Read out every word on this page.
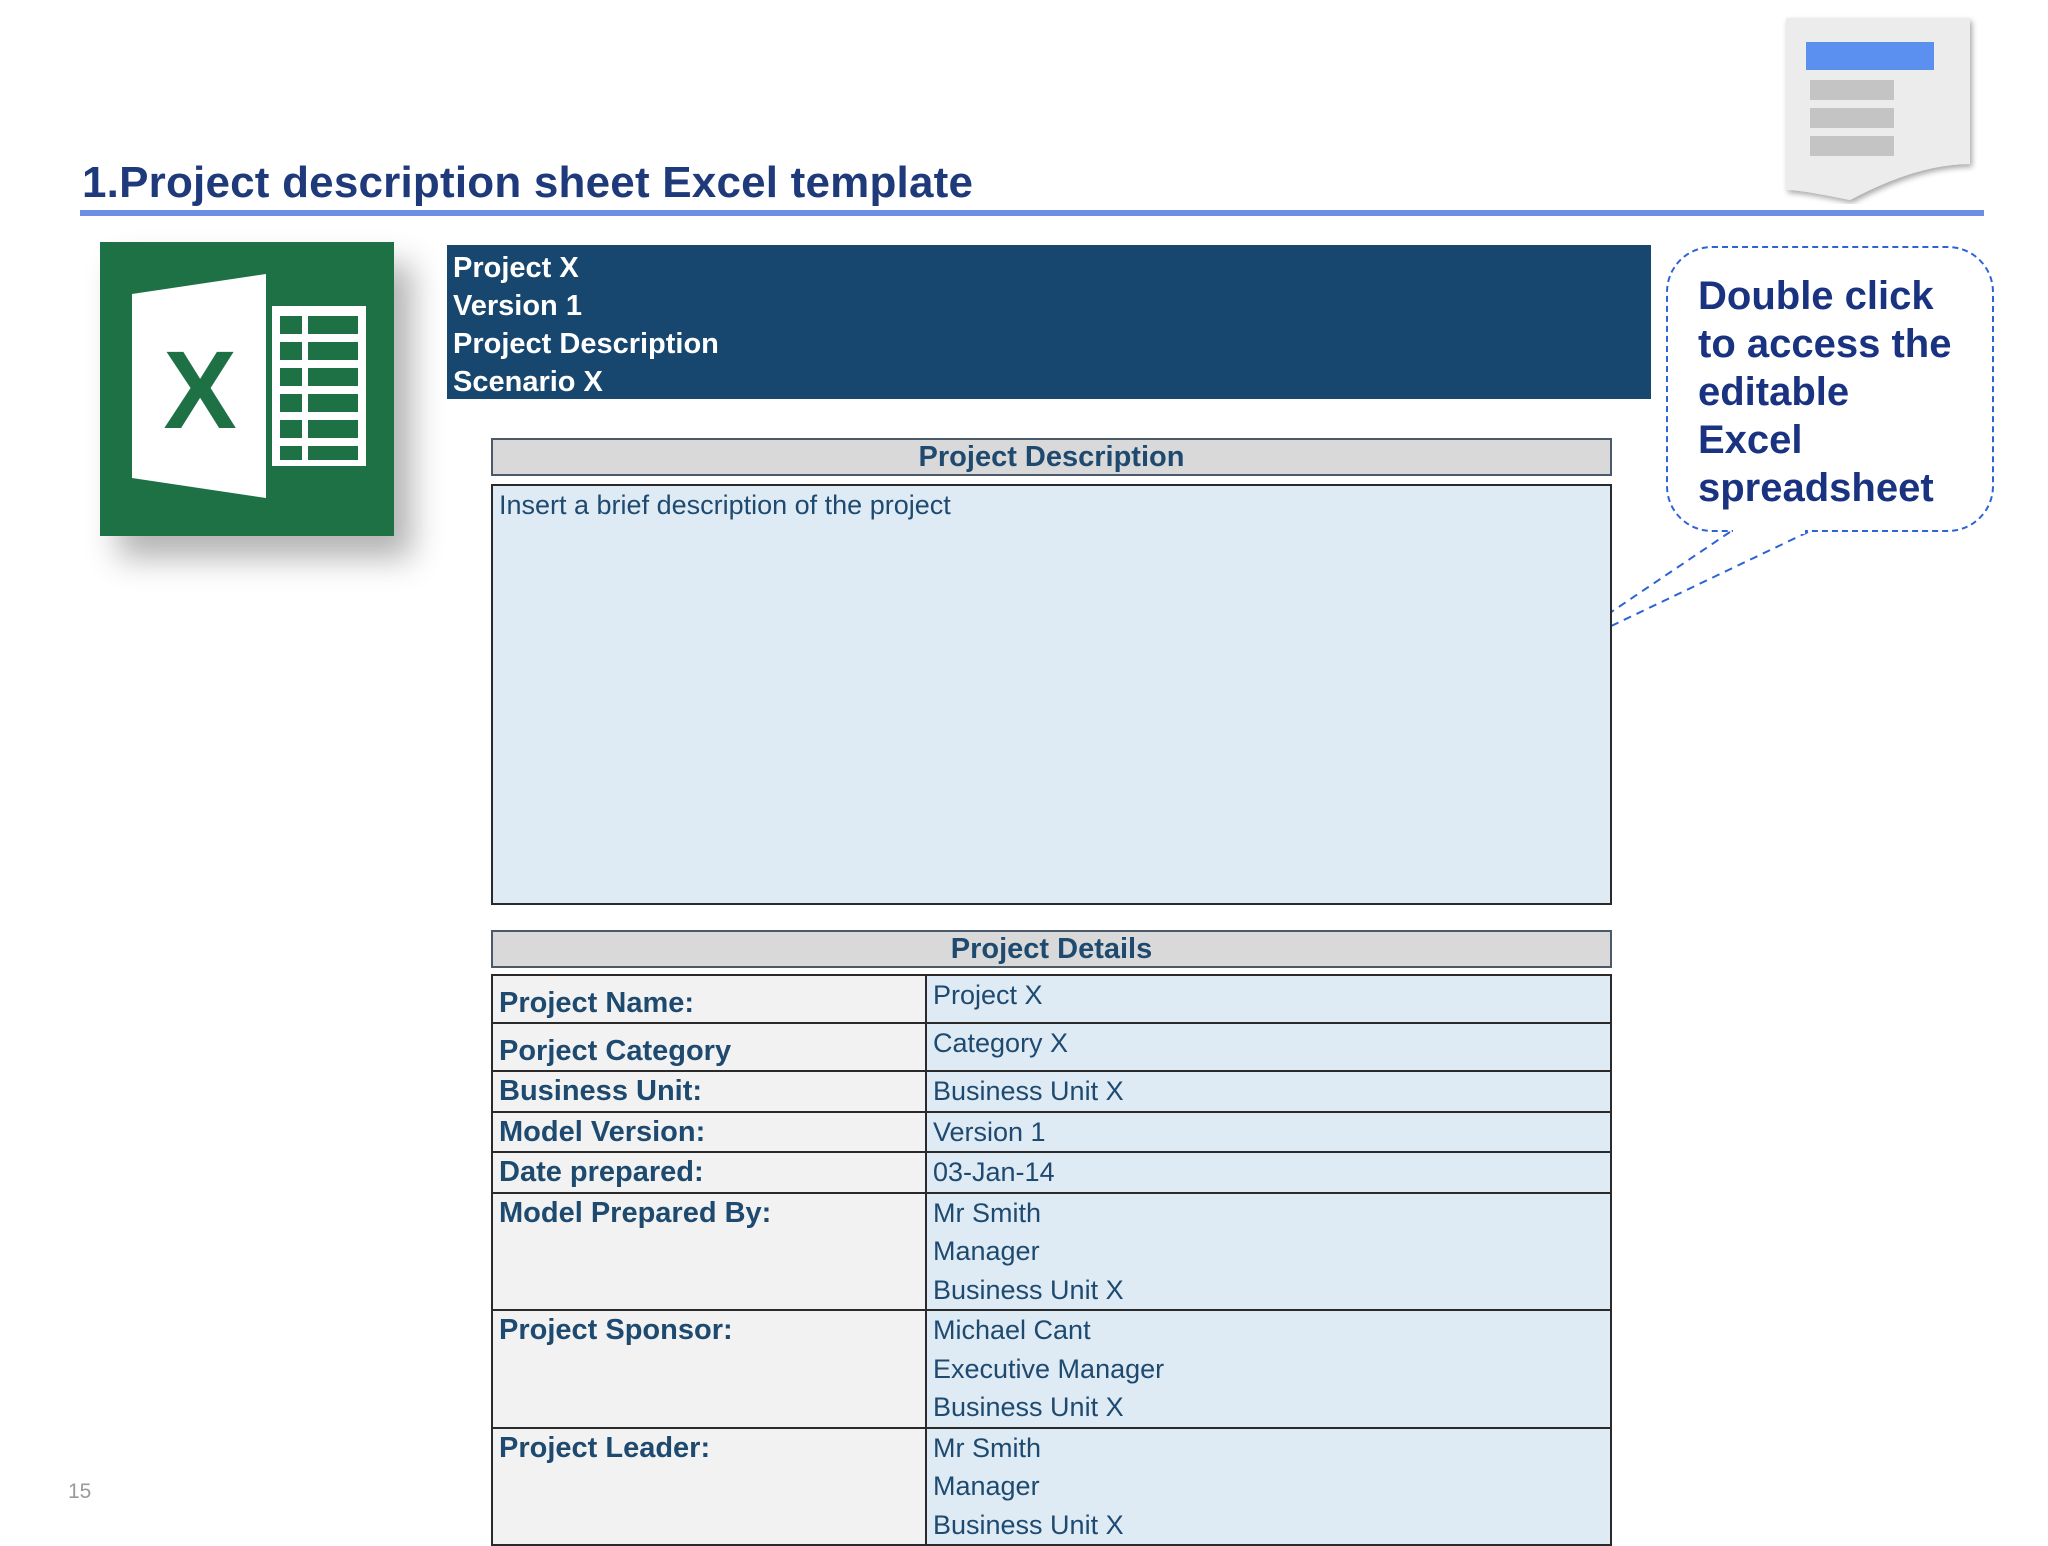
1.Project description sheet Excel template
X
Project X
Version 1
Project Description
Scenario X
Double click to access the editable Excel spreadsheet
Project Description
Insert a brief description of the project
Project Details
Project Name:	Project X

Porject Category	Category X

Business Unit:	Business Unit X

Model Version:	Version 1

Date prepared:	03-Jan-14

Model Prepared By:	Mr Smith
Manager
Business Unit X

Project Sponsor:	Michael Cant
Executive Manager
Business Unit X

Project Leader:	Mr Smith
Manager
Business Unit X
15
